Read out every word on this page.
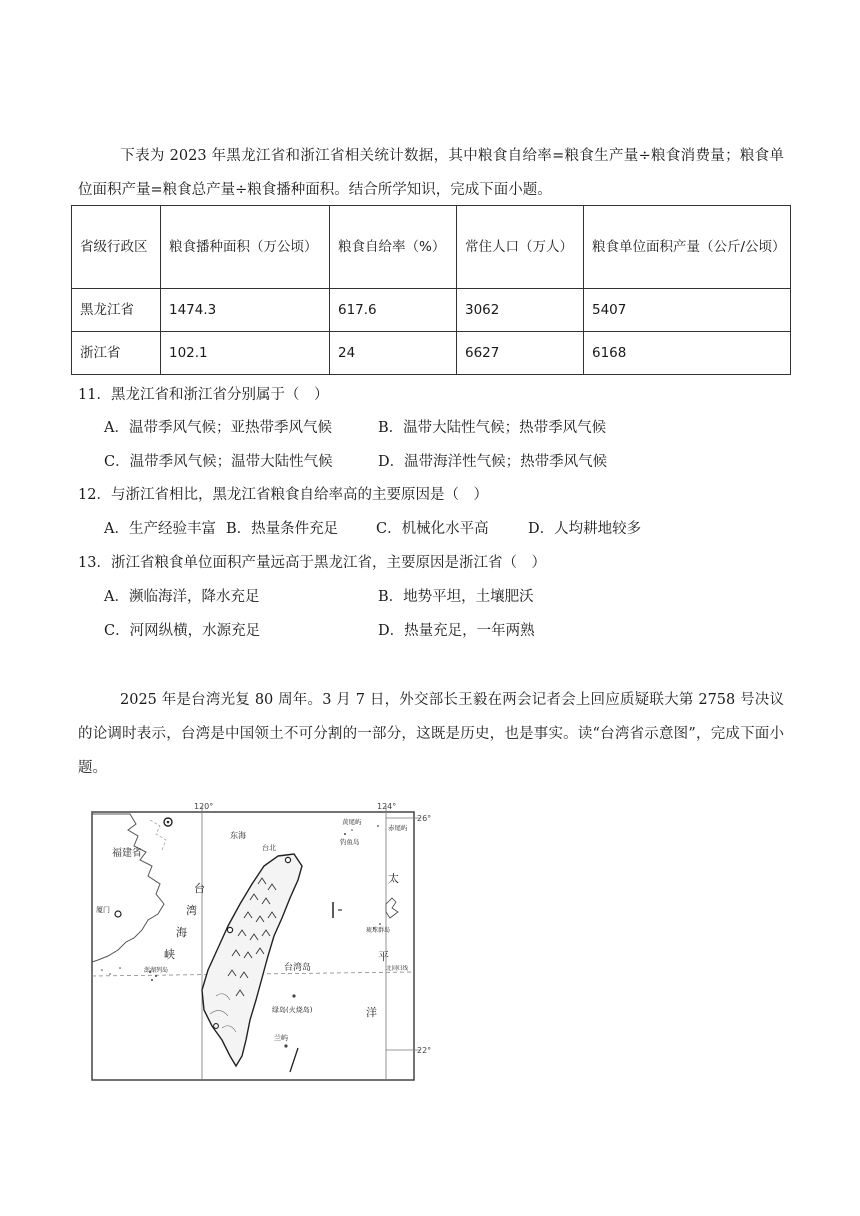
下表为 2023 年黑龙江省和浙江省相关统计数据，其中粮食自给率=粮食生产量÷粮食消费量；粮食单位面积产量=粮食总产量÷粮食播种面积。结合所学知识，完成下面小题。

省级行政区	粮食播种面积（万公顷）	粮食自给率（%）	常住人口（万人）	粮食单位面积产量（公斤/公顷）
黑龙江省	1474.3	617.6	3062	5407
浙江省	102.1	24	6627	6168
11．黑龙江省和浙江省分别属于（　）
A．温带季风气候；亚热带季风气候	B．温带大陆性气候；热带季风气候
C．温带季风气候；温带大陆性气候	D．温带海洋性气候；热带季风气候
12．与浙江省相比，黑龙江省粮食自给率高的主要原因是（　）
A．生产经验丰富 B．热量条件充足	C．机械化水平高	D．人均耕地较多
13．浙江省粮食单位面积产量远高于黑龙江省，主要原因是浙江省（　）
A．濒临海洋，降水充足	B．地势平坦，土壤肥沃
C．河网纵横，水源充足	D．热量充足，一年两熟

2025 年是台湾光复 80 周年。3 月 7 日，外交部长王毅在两会记者会上回应质疑联大第 2758 号决议的论调时表示，台湾是中国领土不可分割的一部分，这既是历史，也是事实。读“台湾省示意图”，完成下面小题。

120°	124°
26°
22°
福建省
东海
黄尾屿
赤尾屿
钓鱼岛
厦门
台
湾
海
峡
台北
台湾岛
澎湖列岛
太
平
洋
琉球群岛
北回归线
绿岛(火烧岛)
兰屿
